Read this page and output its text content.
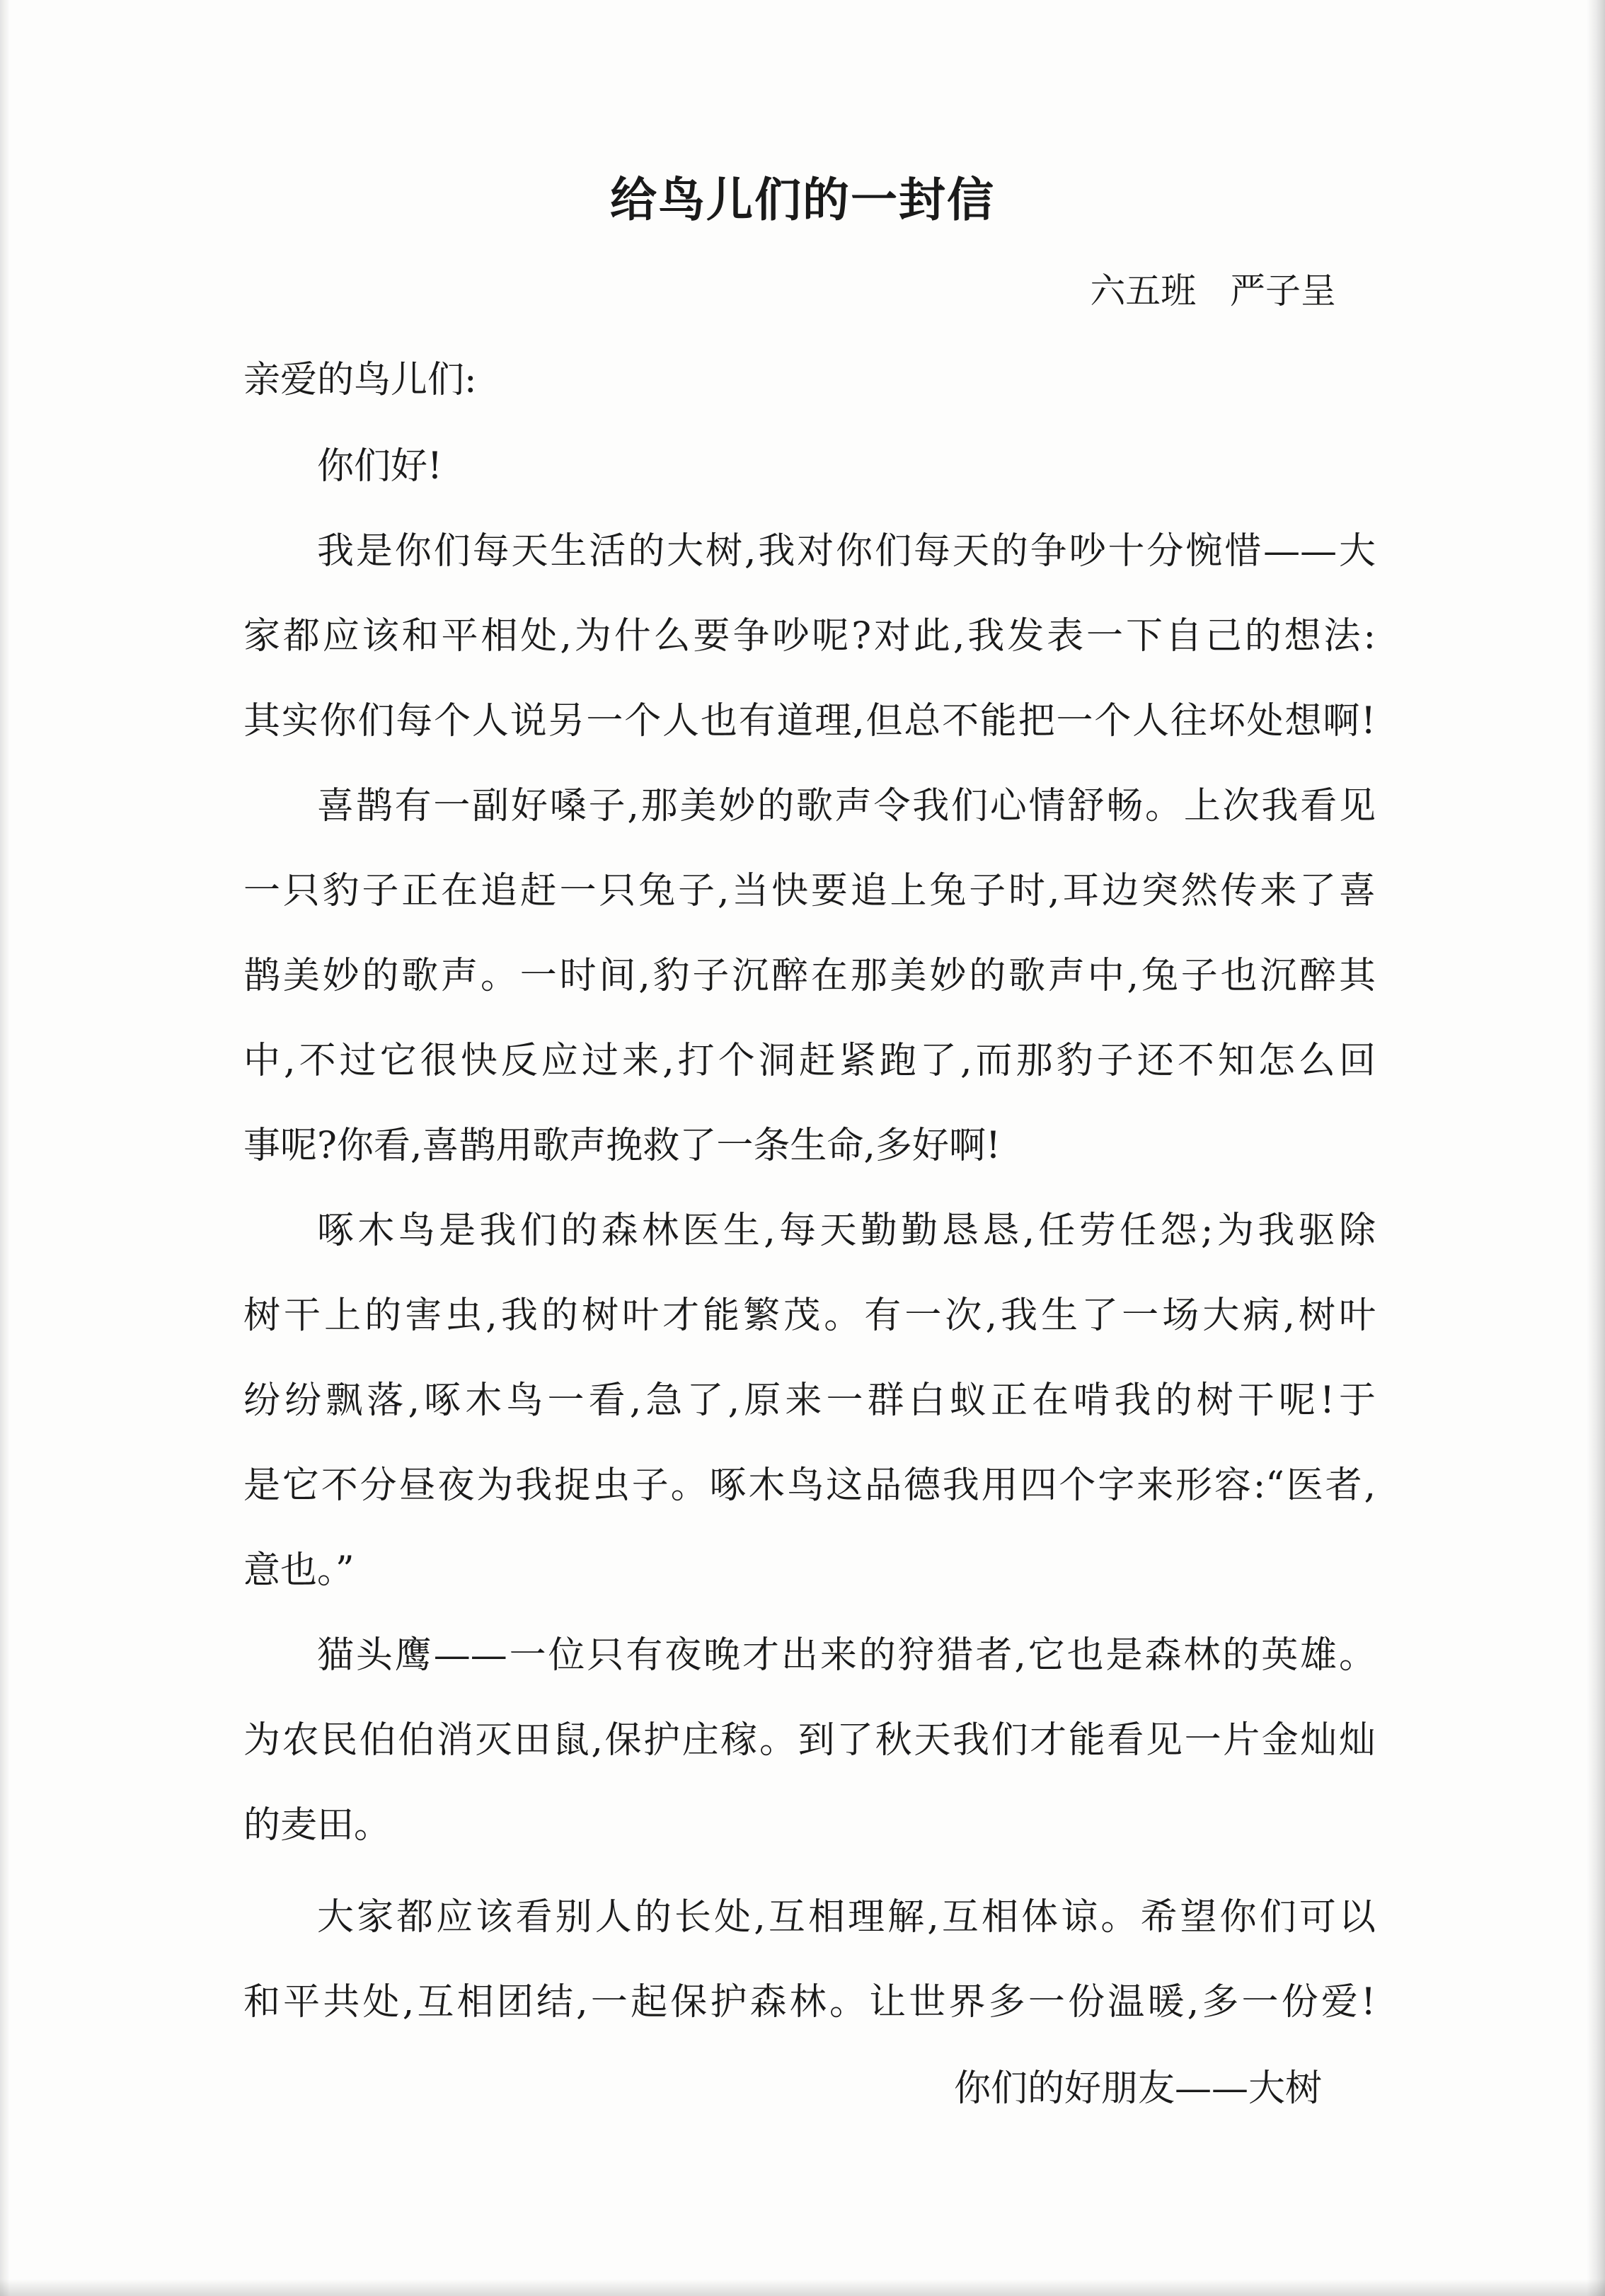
给鸟儿们的一封信
六五班   严子呈
亲爱的鸟儿们:
你们好!
我是你们每天生活的大树,我对你们每天的争吵十分惋惜——大
家都应该和平相处,为什么要争吵呢?对此,我发表一下自己的想法:
其实你们每个人说另一个人也有道理,但总不能把一个人往坏处想啊!
喜鹊有一副好嗓子,那美妙的歌声令我们心情舒畅。上次我看见
一只豹子正在追赶一只兔子,当快要追上兔子时,耳边突然传来了喜
鹊美妙的歌声。一时间,豹子沉醉在那美妙的歌声中,兔子也沉醉其
中,不过它很快反应过来,打个洞赶紧跑了,而那豹子还不知怎么回
事呢?你看,喜鹊用歌声挽救了一条生命,多好啊!
啄木鸟是我们的森林医生,每天勤勤恳恳,任劳任怨;为我驱除
树干上的害虫,我的树叶才能繁茂。有一次,我生了一场大病,树叶
纷纷飘落,啄木鸟一看,急了,原来一群白蚁正在啃我的树干呢!于
是它不分昼夜为我捉虫子。啄木鸟这品德我用四个字来形容:“医者,
意也。”
猫头鹰——一位只有夜晚才出来的狩猎者,它也是森林的英雄。
为农民伯伯消灭田鼠,保护庄稼。到了秋天我们才能看见一片金灿灿
的麦田。
大家都应该看别人的长处,互相理解,互相体谅。希望你们可以
和平共处,互相团结,一起保护森林。让世界多一份温暖,多一份爱!
你们的好朋友——大树
